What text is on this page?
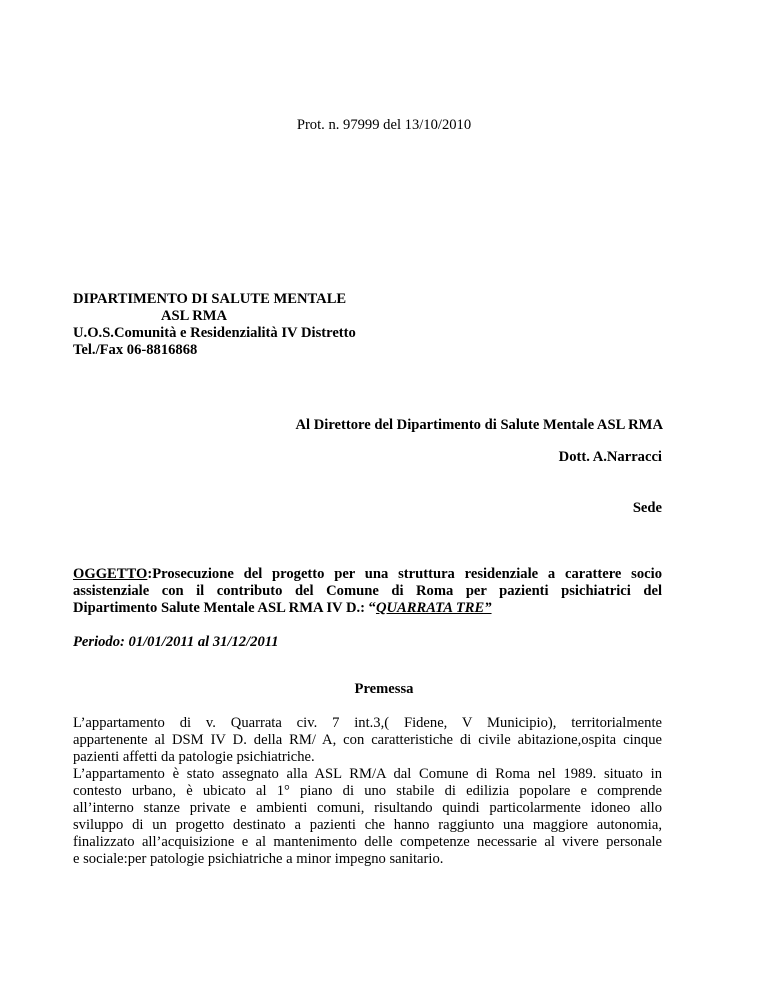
Prot. n. 97999 del 13/10/2010
DIPARTIMENTO DI SALUTE MENTALE
ASL RMA
U.O.S.Comunità e Residenzialità IV Distretto
Tel./Fax 06-8816868
Al Direttore del Dipartimento di Salute Mentale ASL RMA
Dott. A.Narracci
Sede
OGGETTO:Prosecuzione del progetto per una struttura residenziale a carattere socio
assistenziale con il contributo del Comune di Roma per pazienti psichiatrici del
Dipartimento Salute Mentale ASL RMA IV D.: “QUARRATA TRE”
Periodo: 01/01/2011 al 31/12/2011
Premessa
L’appartamento di v. Quarrata civ. 7 int.3,( Fidene, V Municipio), territorialmente
appartenente al DSM IV D. della RM/ A, con caratteristiche di civile abitazione,ospita cinque
pazienti affetti da patologie psichiatriche.
L’appartamento è stato assegnato alla ASL RM/A dal Comune di Roma nel 1989. situato in
contesto urbano, è ubicato al 1° piano di uno stabile di edilizia popolare e comprende
all’interno stanze private e ambienti comuni, risultando quindi particolarmente idoneo allo
sviluppo di un progetto destinato a pazienti che hanno raggiunto una maggiore autonomia,
finalizzato all’acquisizione e al mantenimento delle competenze necessarie al vivere personale
e sociale:per patologie psichiatriche a minor impegno sanitario.
